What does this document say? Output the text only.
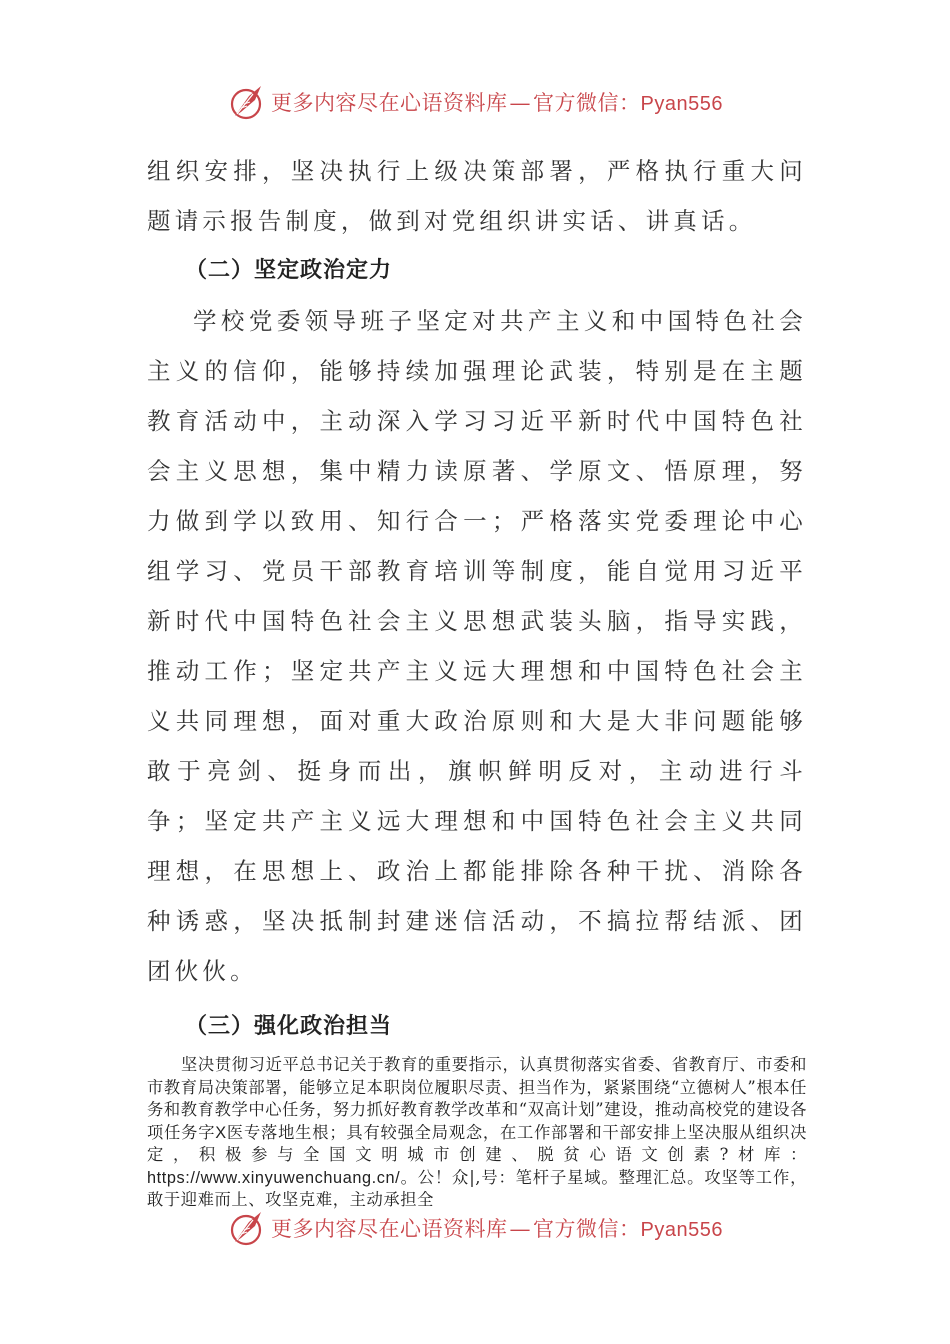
更多内容尽在心语资料库—官方微信：Pyan556

组织安排，坚决执行上级决策部署，严格执行重大问题请示报告制度，做到对党组织讲实话、讲真话。

（二）坚定政治定力

学校党委领导班子坚定对共产主义和中国特色社会主义的信仰，能够持续加强理论武装，特别是在主题教育活动中，主动深入学习习近平新时代中国特色社会主义思想，集中精力读原著、学原文、悟原理，努力做到学以致用、知行合一；严格落实党委理论中心组学习、党员干部教育培训等制度，能自觉用习近平新时代中国特色社会主义思想武装头脑，指导实践，推动工作；坚定共产主义远大理想和中国特色社会主义共同理想，面对重大政治原则和大是大非问题能够敢于亮剑、挺身而出，旗帜鲜明反对，主动进行斗争；坚定共产主义远大理想和中国特色社会主义共同理想，在思想上、政治上都能排除各种干扰、消除各种诱惑，坚决抵制封建迷信活动，不搞拉帮结派、团团伙伙。

（三）强化政治担当

坚决贯彻习近平总书记关于教育的重要指示，认真贯彻落实省委、省教育厅、市委和市教育局决策部署，能够立足本职岗位履职尽责、担当作为，紧紧围绕“立德树人”根本任务和教育教学中心任务，努力抓好教育教学改革和“双高计划”建设，推动高校党的建设各项任务字X医专落地生根；具有较强全局观念，在工作部署和干部安排上坚决服从组织决定，积极参与全国文明城市创建、脱贫心语文创素?材库：https://www.xinyuwenchuang.cn/。公！众|,号：笔杆子星域。整理汇总。攻坚等工作，敢于迎难而上、攻坚克难，主动承担全

更多内容尽在心语资料库—官方微信：Pyan556
